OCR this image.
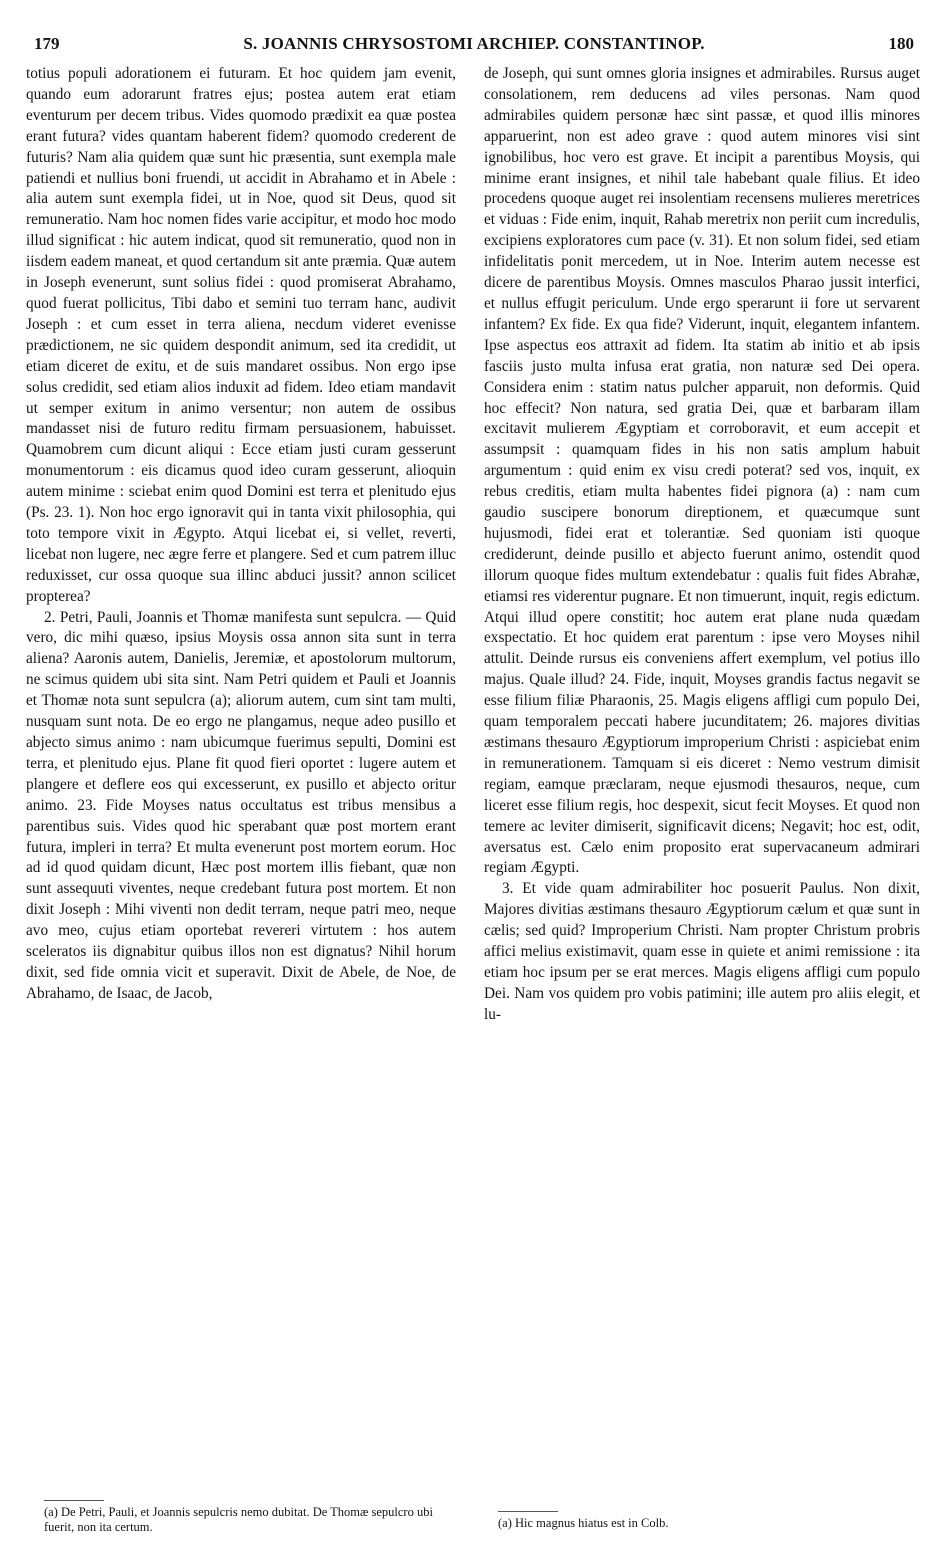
179	S. JOANNIS CHRYSOSTOMI ARCHIEP. CONSTANTINOP.	180

totius populi adorationem ei futuram. Et hoc quidem jam evenit, quando eum adorarunt fratres ejus; postea autem erat etiam eventurum per decem tribus. Vides quomodo prædixit ea quæ postea erant futura? vides quantam haberent fidem? quomodo crederent de futuris? Nam alia quidem quæ sunt hic præsentia, sunt exempla male patiendi et nullius boni fruendi, ut accidit in Abrahamo et in Abele : alia autem sunt exempla fidei, ut in Noe, quod sit Deus, quod sit remuneratio. Nam hoc nomen fides varie accipitur, et modo hoc modo illud significat : hic autem indicat, quod sit remuneratio, quod non in iisdem eadem maneat, et quod certandum sit ante præmia. Quæ autem in Joseph evenerunt, sunt solius fidei : quod promiserat Abrahamo, quod fuerat pollicitus, Tibi dabo et semini tuo terram hanc, audivit Joseph : et cum esset in terra aliena, necdum videret evenisse prædictionem, ne sic quidem despondit animum, sed ita credidit, ut etiam diceret de exitu, et de suis mandaret ossibus. Non ergo ipse solus credidit, sed etiam alios induxit ad fidem. Ideo etiam mandavit ut semper exitum in animo versentur; non autem de ossibus mandasset nisi de futuro reditu firmam persuasionem, habuisset. Quamobrem cum dicunt aliqui : Ecce etiam justi curam gesserunt monumentorum : eis dicamus quod ideo curam gesserunt, alioquin autem minime : sciebat enim quod Domini est terra et plenitudo ejus (Ps. 23. 1). Non hoc ergo ignoravit qui in tanta vixit philosophia, qui toto tempore vixit in Ægypto. Atqui licebat ei, si vellet, reverti, licebat non lugere, nec ægre ferre et plangere. Sed et cum patrem illuc reduxisset, cur ossa quoque sua illinc abduci jussit? annon scilicet propterea?

2. Petri, Pauli, Joannis et Thomæ manifesta sunt sepulcra. — Quid vero, dic mihi quæso, ipsius Moysis ossa annon sita sunt in terra aliena? Aaronis autem, Danielis, Jeremiæ, et apostolorum multorum, ne scimus quidem ubi sita sint. Nam Petri quidem et Pauli et Joannis et Thomæ nota sunt sepulcra (a); aliorum autem, cum sint tam multi, nusquam sunt nota. De eo ergo ne plangamus, neque adeo pusillo et abjecto simus animo : nam ubicumque fuerimus sepulti, Domini est terra, et plenitudo ejus. Plane fit quod fieri oportet : lugere autem et plangere et deflere eos qui excesserunt, ex pusillo et abjecto oritur animo. 23. Fide Moyses natus occultatus est tribus mensibus a parentibus suis. Vides quod hic sperabant quæ post mortem erant futura, impleri in terra? Et multa evenerunt post mortem eorum. Hoc ad id quod quidam dicunt, Hæc post mortem illis fiebant, quæ non sunt assequuti viventes, neque credebant futura post mortem. Et non dixit Joseph : Mihi viventi non dedit terram, neque patri meo, neque avo meo, cujus etiam oportebat revereri virtutem : hos autem sceleratos iis dignabitur quibus illos non est dignatus? Nihil horum dixit, sed fide omnia vicit et superavit. Dixit de Abele, de Noe, de Abrahamo, de Isaac, de Jacob,

de Joseph, qui sunt omnes gloria insignes et admirabiles. Rursus auget consolationem, rem deducens ad viles personas. Nam quod admirabiles quidem personæ hæc sint passæ, et quod illis minores apparuerint, non est adeo grave : quod autem minores visi sint ignobilibus, hoc vero est grave. Et incipit a parentibus Moysis, qui minime erant insignes, et nihil tale habebant quale filius. Et ideo procedens quoque auget rei insolentiam recensens mulieres meretrices et viduas : Fide enim, inquit, Rahab meretrix non periit cum incredulis, excipiens exploratores cum pace (v. 31). Et non solum fidei, sed etiam infidelitatis ponit mercedem, ut in Noe. Interim autem necesse est dicere de parentibus Moysis. Omnes masculos Pharao jussit interfici, et nullus effugit periculum. Unde ergo sperarunt ii fore ut servarent infantem? Ex fide. Ex qua fide? Viderunt, inquit, elegantem infantem. Ipse aspectus eos attraxit ad fidem. Ita statim ab initio et ab ipsis fasciis justo multa infusa erat gratia, non naturæ sed Dei opera. Considera enim : statim natus pulcher apparuit, non deformis. Quid hoc effecit? Non natura, sed gratia Dei, quæ et barbaram illam excitavit mulierem Ægyptiam et corroboravit, et eum accepit et assumpsit : quamquam fides in his non satis amplum habuit argumentum : quid enim ex visu credi poterat? sed vos, inquit, ex rebus creditis, etiam multa habentes fidei pignora (a) : nam cum gaudio suscipere bonorum direptionem, et quæcumque sunt hujusmodi, fidei erat et tolerantiæ. Sed quoniam isti quoque crediderunt, deinde pusillo et abjecto fuerunt animo, ostendit quod illorum quoque fides multum extendebatur : qualis fuit fides Abrahæ, etiamsi res viderentur pugnare. Et non timuerunt, inquit, regis edictum. Atqui illud opere constitit; hoc autem erat plane nuda quædam exspectatio. Et hoc quidem erat parentum : ipse vero Moyses nihil attulit. Deinde rursus eis conveniens affert exemplum, vel potius illo majus. Quale illud? 24. Fide, inquit, Moyses grandis factus negavit se esse filium filiæ Pharaonis, 25. Magis eligens affligi cum populo Dei, quam temporalem peccati habere jucunditatem; 26. majores divitias æstimans thesauro Ægyptiorum improperium Christi : aspiciebat enim in remunerationem. Tamquam si eis diceret : Nemo vestrum dimisit regiam, eamque præclaram, neque ejusmodi thesauros, neque, cum liceret esse filium regis, hoc despexit, sicut fecit Moyses. Et quod non temere ac leviter dimiserit, significavit dicens; Negavit; hoc est, odit, aversatus est. Cælo enim proposito erat supervacaneum admirari regiam Ægypti.

3. Et vide quam admirabiliter hoc posuerit Paulus. Non dixit, Majores divitias æstimans thesauro Ægyptiorum cælum et quæ sunt in cælis; sed quid? Improperium Christi. Nam propter Christum probris affici melius existimavit, quam esse in quiete et animi remissione : ita etiam hoc ipsum per se erat merces. Magis eligens affligi cum populo Dei. Nam vos quidem pro vobis patimini; ille autem pro aliis elegit, et lu-

(a) De Petri, Pauli, et Joannis sepulcris nemo dubitat. De Thomæ sepulcro ubi fuerit, non ita certum.	(a) Hic magnus hiatus est in Colb.
